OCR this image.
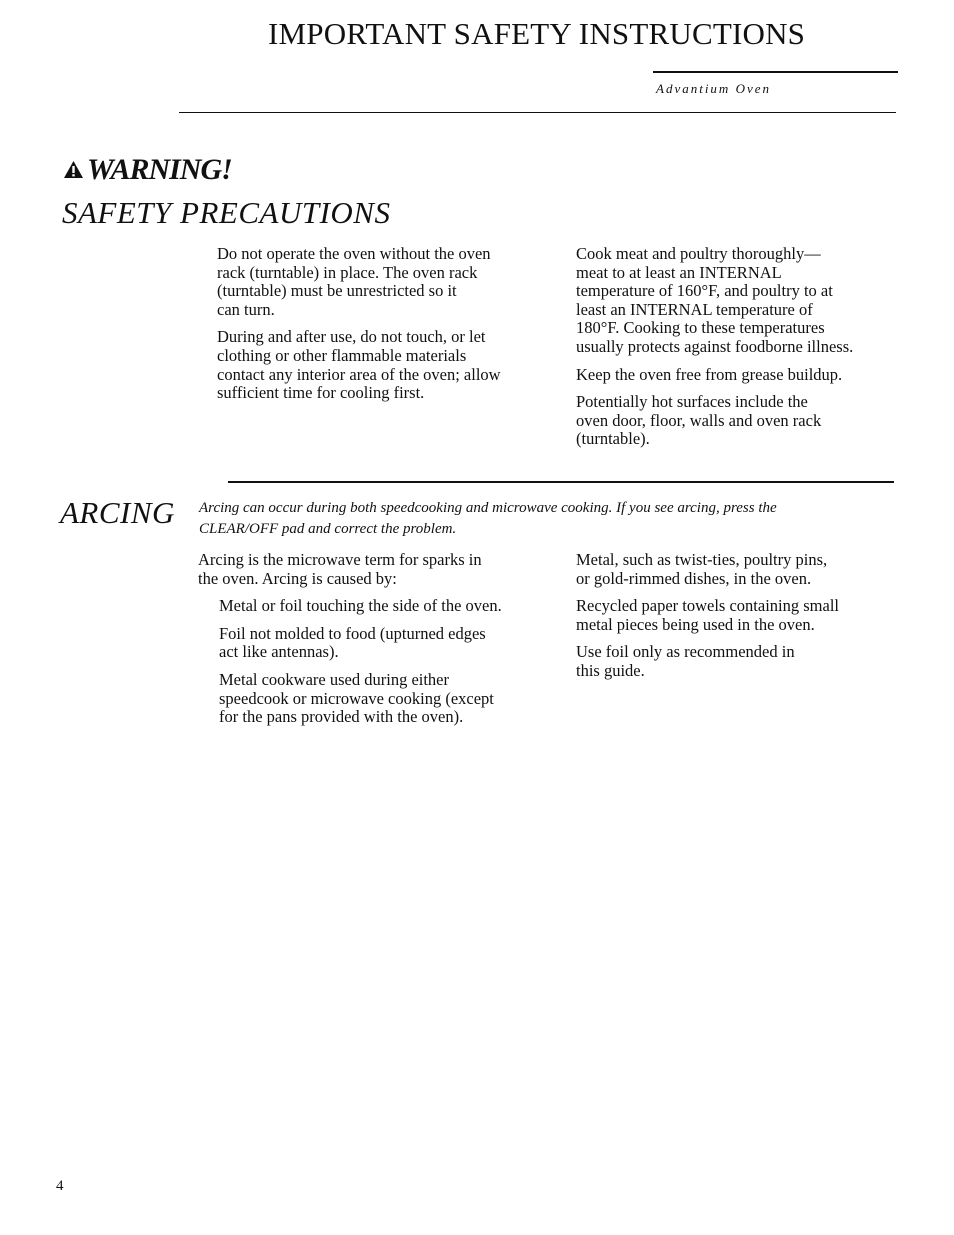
IMPORTANT SAFETY INSTRUCTIONS
Advantium Oven
WARNING!
SAFETY PRECAUTIONS

Do not operate the oven without the oven
rack (turntable) in place. The oven rack
(turntable) must be unrestricted so it
can turn.

During and after use, do not touch, or let
clothing or other flammable materials
contact any interior area of the oven; allow
sufficient time for cooling first.

Cook meat and poultry thoroughly—
meat to at least an INTERNAL
temperature of 160°F, and poultry to at
least an INTERNAL temperature of
180°F. Cooking to these temperatures
usually protects against foodborne illness.

Keep the oven free from grease buildup.

Potentially hot surfaces include the
oven door, floor, walls and oven rack
(turntable).

ARCING Arcing can occur during both speedcooking and microwave cooking. If you see arcing, press the
CLEAR/OFF pad and correct the problem.

Arcing is the microwave term for sparks in
the oven. Arcing is caused by:

Metal or foil touching the side of the oven.

Foil not molded to food (upturned edges
act like antennas).

Metal cookware used during either
speedcook or microwave cooking (except
for the pans provided with the oven).

Metal, such as twist-ties, poultry pins,
or gold-rimmed dishes, in the oven.

Recycled paper towels containing small
metal pieces being used in the oven.

Use foil only as recommended in
this guide.

4
